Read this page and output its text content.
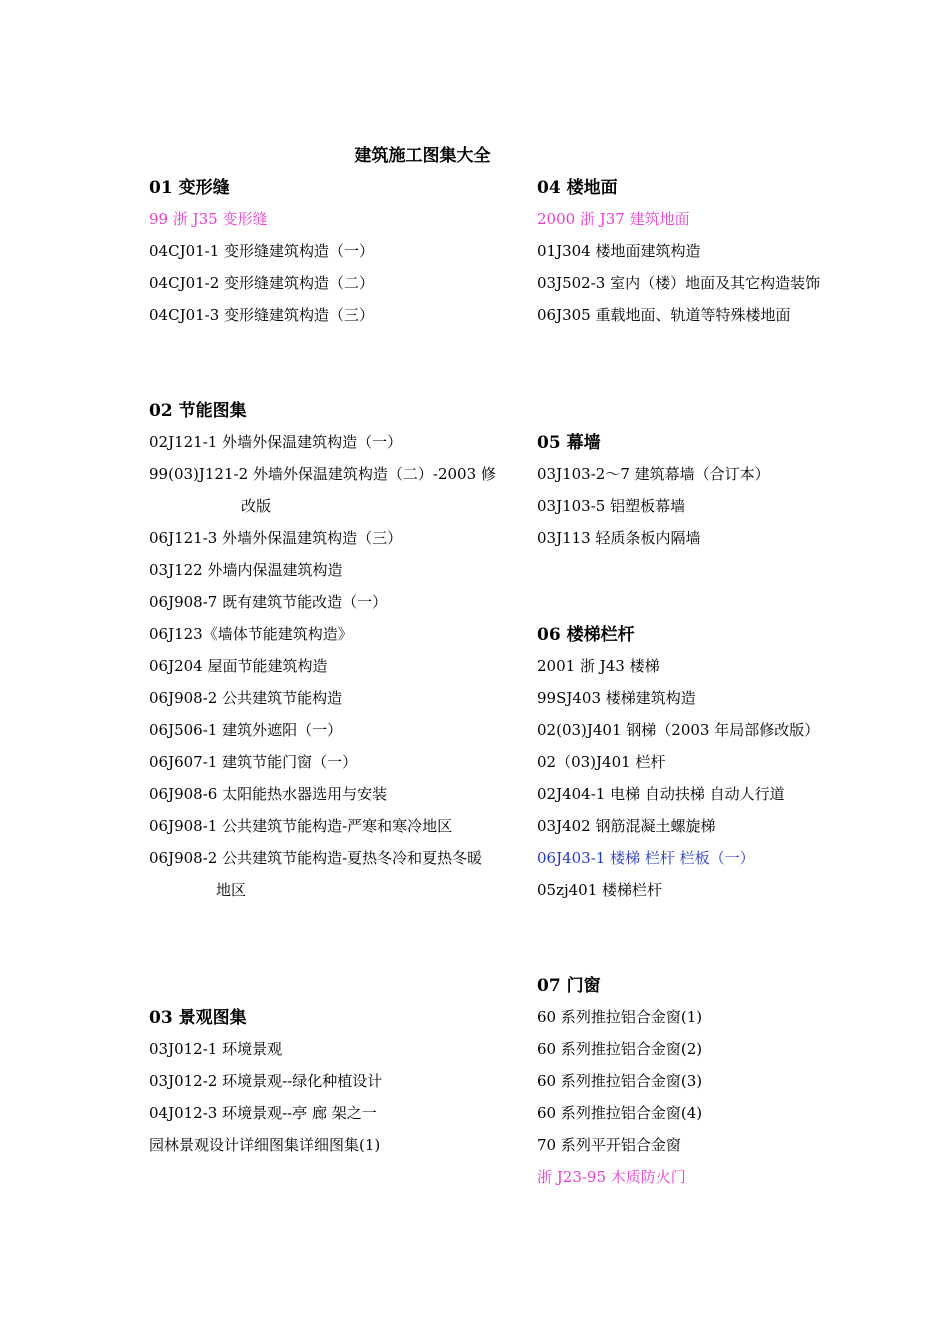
建筑施工图集大全
01 变形缝
99 浙 J35 变形缝
04CJ01-1 变形缝建筑构造（一）
04CJ01-2 变形缝建筑构造（二）
04CJ01-3 变形缝建筑构造（三）
02 节能图集
02J121-1 外墙外保温建筑构造（一）
99(03)J121-2 外墙外保温建筑构造（二）-2003 修
改版
06J121-3 外墙外保温建筑构造（三）
03J122 外墙内保温建筑构造
06J908-7 既有建筑节能改造（一）
06J123《墙体节能建筑构造》
06J204 屋面节能建筑构造
06J908-2 公共建筑节能构造
06J506-1 建筑外遮阳（一）
06J607-1 建筑节能门窗（一）
06J908-6 太阳能热水器选用与安装
06J908-1 公共建筑节能构造-严寒和寒冷地区
06J908-2 公共建筑节能构造-夏热冬冷和夏热冬暖
地区
03 景观图集
03J012-1 环境景观
03J012-2 环境景观--绿化种植设计
04J012-3 环境景观--亭 廊 架之一
园林景观设计详细图集详细图集(1)
04 楼地面
2000 浙 J37 建筑地面
01J304 楼地面建筑构造
03J502-3 室内（楼）地面及其它构造装饰
06J305 重载地面、轨道等特殊楼地面
05 幕墙
03J103-2～7 建筑幕墙（合订本）
03J103-5 铝塑板幕墙
03J113 轻质条板内隔墙
06 楼梯栏杆
2001 浙 J43 楼梯
99SJ403 楼梯建筑构造
02(03)J401 钢梯（2003 年局部修改版）
02（03)J401 栏杆
02J404-1 电梯 自动扶梯 自动人行道
03J402 钢筋混凝土螺旋梯
06J403-1 楼梯 栏杆 栏板（一）
05zj401 楼梯栏杆
07 门窗
60 系列推拉铝合金窗(1)
60 系列推拉铝合金窗(2)
60 系列推拉铝合金窗(3)
60 系列推拉铝合金窗(4)
70 系列平开铝合金窗
浙 J23-95 木质防火门
